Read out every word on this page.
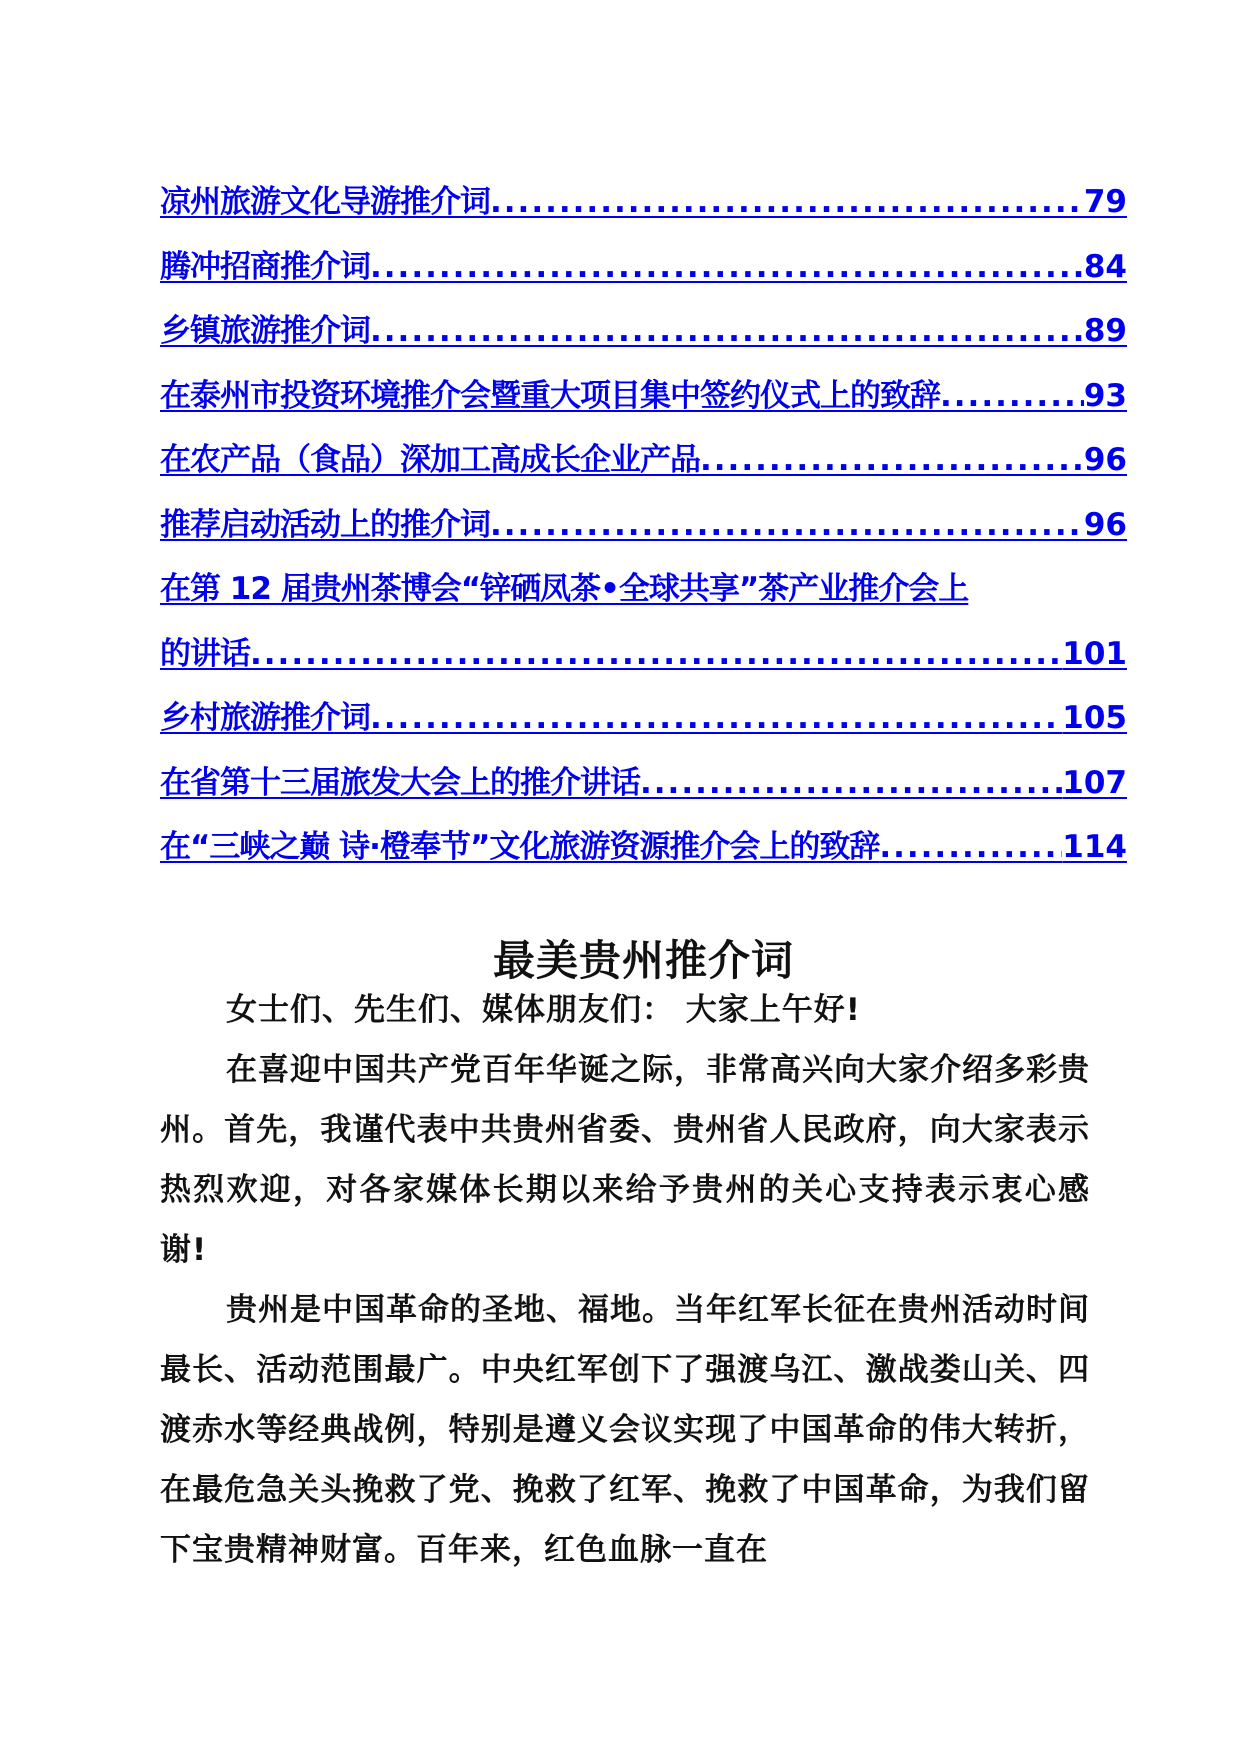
凉州旅游文化导游推介词 .....	79
腾冲招商推介词 .....	84
乡镇旅游推介词 .....	89
在泰州市投资环境推介会暨重大项目集中签约仪式上的致辞 .....	93
在农产品（食品）深加工高成长企业产品 .....	96
推荐启动活动上的推介词 .....	96
在第 12 届贵州茶博会“锌硒凤茶•全球共享”茶产业推介会上
的讲话 .....	101
乡村旅游推介词 .....	105
在省第十三届旅发大会上的推介讲话 .....	107
在“三峡之巅 诗·橙奉节”文化旅游资源推介会上的致辞 .....	114
最美贵州推介词

女士们、先生们、媒体朋友们： 大家上午好!

在喜迎中国共产党百年华诞之际，非常高兴向大家介绍多彩贵州。首先，我谨代表中共贵州省委、贵州省人民政府，向大家表示热烈欢迎，对各家媒体长期以来给予贵州的关心支持表示衷心感谢!

贵州是中国革命的圣地、福地。当年红军长征在贵州活动时间最长、活动范围最广。中央红军创下了强渡乌江、激战娄山关、四渡赤水等经典战例，特别是遵义会议实现了中国革命的伟大转折，在最危急关头挽救了党、挽救了红军、挽救了中国革命，为我们留下宝贵精神财富。百年来，红色血脉一直在
